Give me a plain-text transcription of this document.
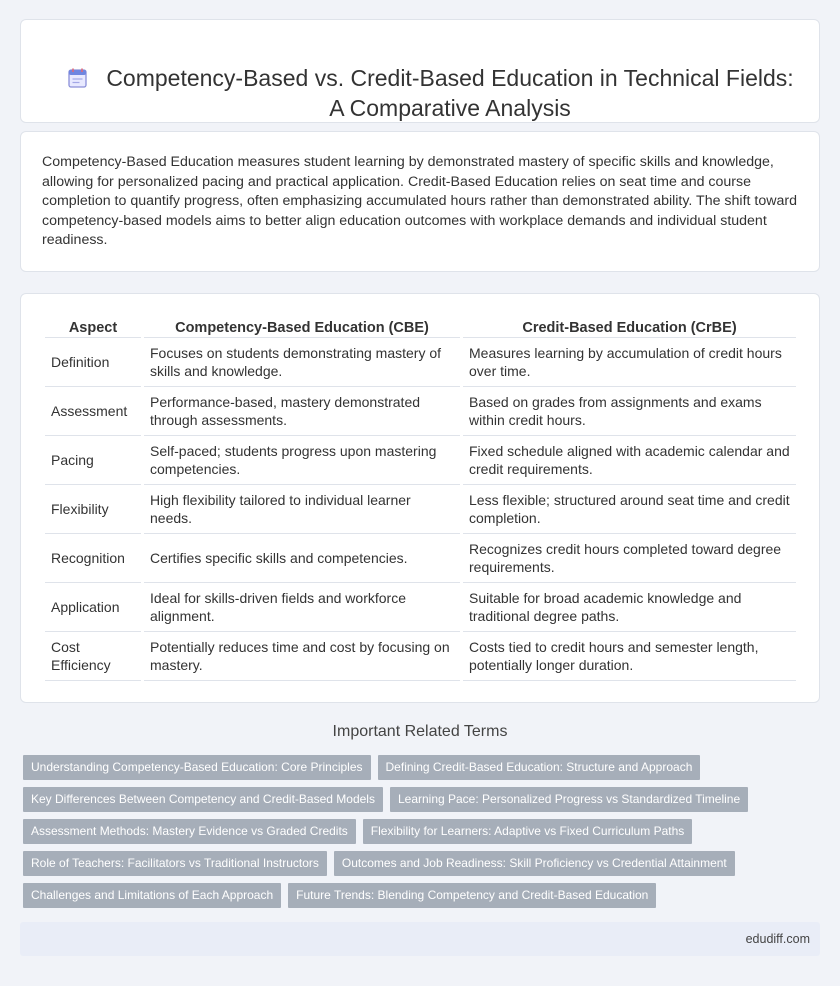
Competency-Based vs. Credit-Based Education in Technical Fields:
A Comparative Analysis

Competency-Based Education measures student learning by demonstrated mastery of specific skills and knowledge, allowing for personalized pacing and practical application. Credit-Based Education relies on seat time and course completion to quantify progress, often emphasizing accumulated hours rather than demonstrated ability. The shift toward competency-based models aims to better align education outcomes with workplace demands and individual student readiness.

Aspect	Competency-Based Education (CBE)	Credit-Based Education (CrBE)
Definition	Focuses on students demonstrating mastery of skills and knowledge.	Measures learning by accumulation of credit hours over time.
Assessment	Performance-based, mastery demonstrated through assessments.	Based on grades from assignments and exams within credit hours.
Pacing	Self-paced; students progress upon mastering competencies.	Fixed schedule aligned with academic calendar and credit requirements.
Flexibility	High flexibility tailored to individual learner needs.	Less flexible; structured around seat time and credit completion.
Recognition	Certifies specific skills and competencies.	Recognizes credit hours completed toward degree requirements.
Application	Ideal for skills-driven fields and workforce alignment.	Suitable for broad academic knowledge and traditional degree paths.
Cost Efficiency	Potentially reduces time and cost by focusing on mastery.	Costs tied to credit hours and semester length, potentially longer duration.
Important Related Terms
Understanding Competency-Based Education: Core Principles	Defining Credit-Based Education: Structure and Approach
Key Differences Between Competency and Credit-Based Models	Learning Pace: Personalized Progress vs Standardized Timeline
Assessment Methods: Mastery Evidence vs Graded Credits	Flexibility for Learners: Adaptive vs Fixed Curriculum Paths
Role of Teachers: Facilitators vs Traditional Instructors	Outcomes and Job Readiness: Skill Proficiency vs Credential Attainment
Challenges and Limitations of Each Approach	Future Trends: Blending Competency and Credit-Based Education
edudiff.com
